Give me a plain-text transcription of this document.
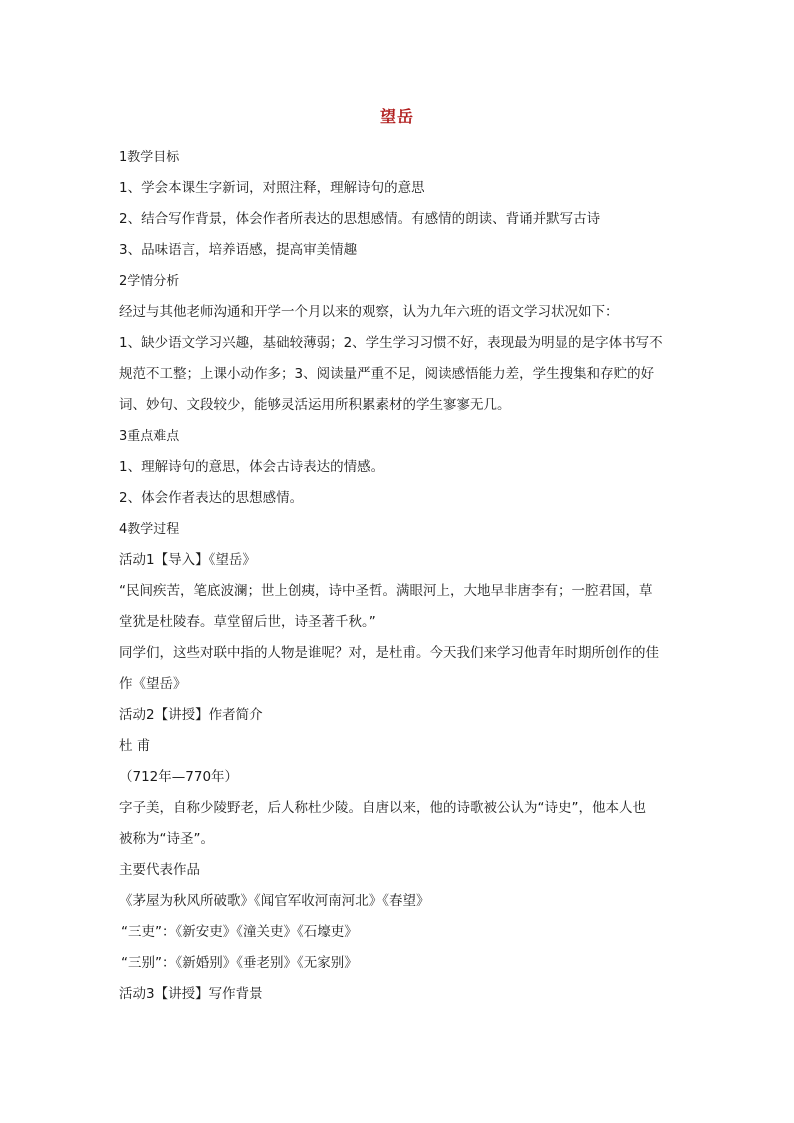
望岳
1教学目标
1、学会本课生字新词，对照注释，理解诗句的意思
2、结合写作背景，体会作者所表达的思想感情。有感情的朗读、背诵并默写古诗
3、品味语言，培养语感，提高审美情趣
2学情分析
经过与其他老师沟通和开学一个月以来的观察，认为九年六班的语文学习状况如下：
1、缺少语文学习兴趣，基础较薄弱；2、学生学习习惯不好，表现最为明显的是字体书写不
规范不工整；上课小动作多；3、阅读量严重不足，阅读感悟能力差，学生搜集和存贮的好
词、妙句、文段较少，能够灵活运用所积累素材的学生寥寥无几。
3重点难点
1、理解诗句的意思，体会古诗表达的情感。
2、体会作者表达的思想感情。
4教学过程
活动1【导入】《望岳》
“民间疾苦，笔底波澜；世上创痍，诗中圣哲。满眼河上，大地早非唐李有；一腔君国，草
堂犹是杜陵春。草堂留后世，诗圣著千秋。”
同学们，这些对联中指的人物是谁呢？对，是杜甫。今天我们来学习他青年时期所创作的佳
作《望岳》
活动2【讲授】作者简介
杜 甫
（712年—770年）
字子美，自称少陵野老，后人称杜少陵。自唐以来，他的诗歌被公认为“诗史”，他本人也
被称为“诗圣”。
主要代表作品
《茅屋为秋风所破歌》《闻官军收河南河北》《春望》
“三吏”：《新安吏》《潼关吏》《石壕吏》
“三别”：《新婚别》《垂老别》《无家别》
活动3【讲授】写作背景
